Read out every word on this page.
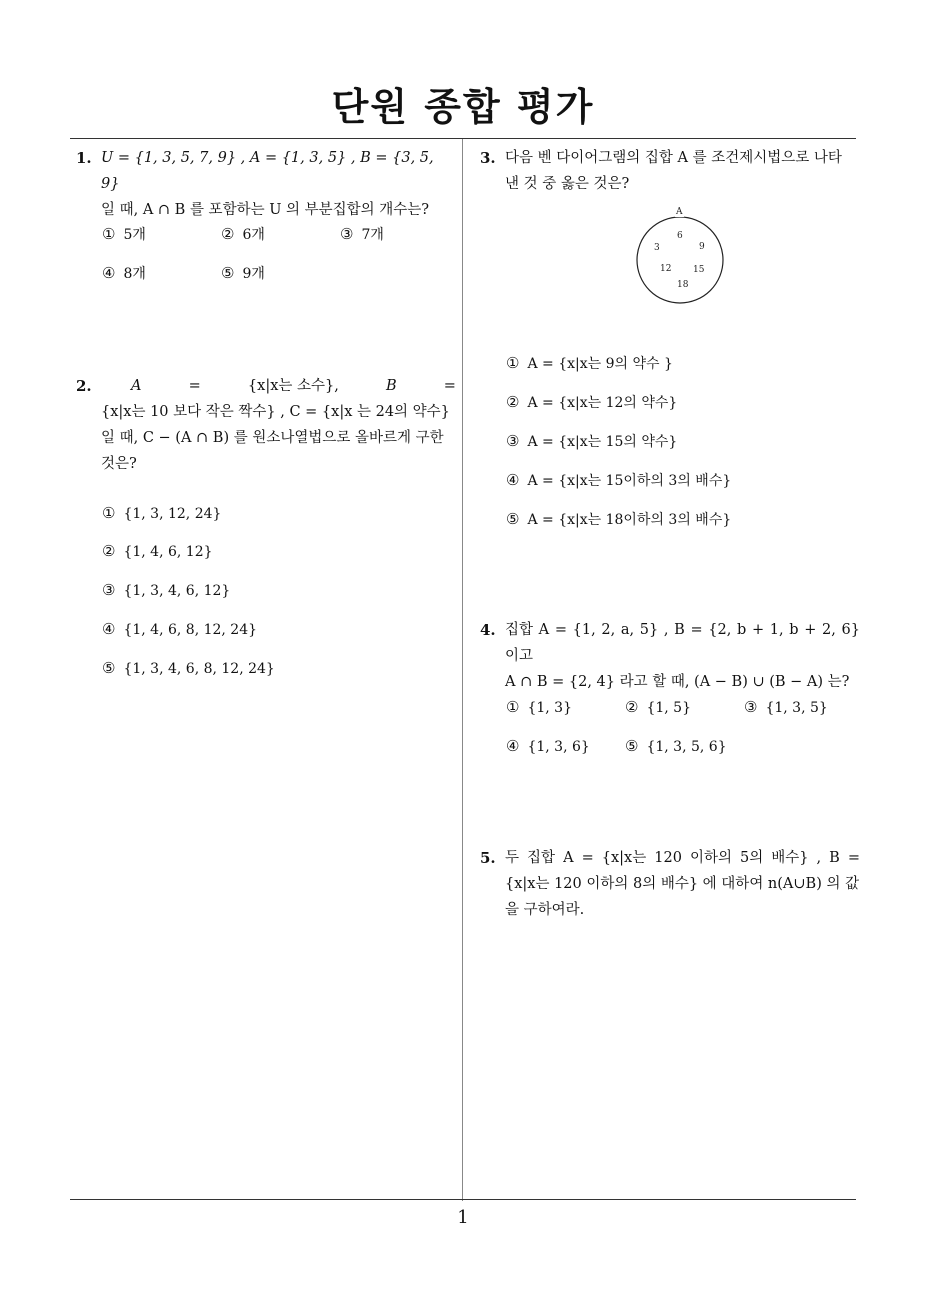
단원 종합 평가
1. U = {1, 3, 5, 7, 9} , A = {1, 3, 5} , B = {3, 5, 9}
일 때, A ∩ B 를 포함하는 U 의 부분집합의 개수는?
① 5개	② 6개	③ 7개
④ 8개	⑤ 9개
2.	A	=	{x|x는 소수},	B	=
{x|x는 10 보다 작은 짝수} , C = {x|x 는 24의 약수}
일 때, C − (A ∩ B) 를 원소나열법으로 올바르게 구한
것은?
① {1, 3, 12, 24}
② {1, 4, 6, 12}
③ {1, 3, 4, 6, 12}
④ {1, 4, 6, 8, 12, 24}
⑤ {1, 3, 4, 6, 8, 12, 24}
3. 다음 벤 다이어그램의 집합 A 를 조건제시법으로 나타
낸 것 중 옳은 것은?
A
6
3	9
12 15
18
① A = {x|x는 9의 약수 }
② A = {x|x는 12의 약수}
③ A = {x|x는 15의 약수}
④ A = {x|x는 15이하의 3의 배수}
⑤ A = {x|x는 18이하의 3의 배수}
4. 집합 A = {1, 2, a, 5} , B = {2, b + 1, b + 2, 6} 이고
A ∩ B = {2, 4} 라고 할 때, (A − B) ∪ (B − A) 는?
① {1, 3}	② {1, 5}	③ {1, 3, 5}
④ {1, 3, 6} ⑤ {1, 3, 5, 6}
5. 두 집합 A = {x|x는 120 이하의 5의 배수} , B =
{x|x는 120 이하의 8의 배수} 에 대하여 n(A∪B) 의 값
을 구하여라.
1
